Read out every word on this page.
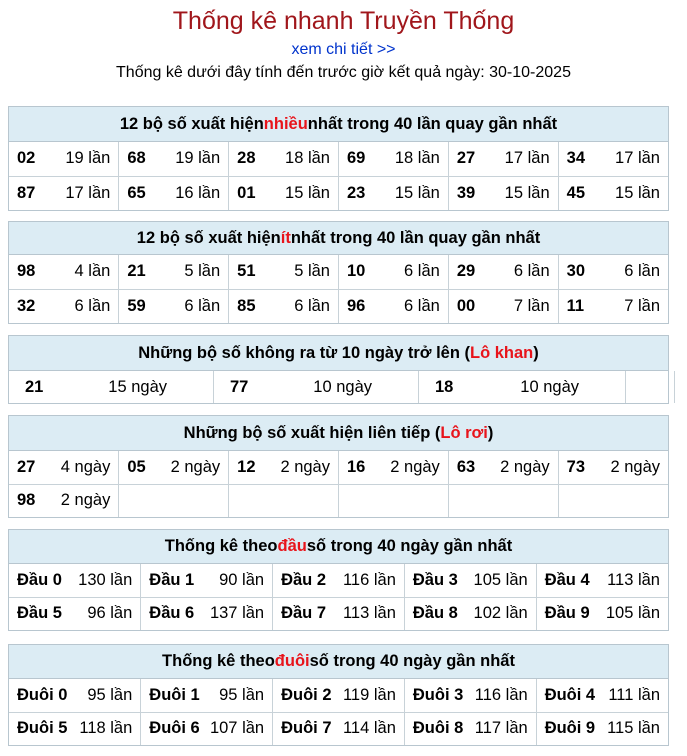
Thống kê nhanh Truyền Thống
xem chi tiết >>
Thống kê dưới đây tính đến trước giờ kết quả ngày: 30-10-2025
12 bộ số xuất hiện nhiều nhất trong 40 lần quay gần nhất
02 19 lần	68 19 lần	28 18 lần	69 18 lần	27 17 lần	34 17 lần

87 17 lần	65 16 lần	01 15 lần	23 15 lần	39 15 lần	45 15 lần
12 bộ số xuất hiện ít nhất trong 40 lần quay gần nhất
98 4 lần	21 5 lần	51 5 lần	10 6 lần	29 6 lần	30 6 lần

32 6 lần	59 6 lần	85 6 lần	96 6 lần	00 7 lần	11 7 lần
Những bộ số không ra từ 10 ngày trở lên ( Lô khan )
21	15 ngày	77	10 ngày	18	10 ngày

Những bộ số xuất hiện liên tiếp ( Lô rơi )
27 4 ngày	05 2 ngày	12 2 ngày	16 2 ngày	63 2 ngày	73 2 ngày

98 2 ngày					

Thống kê theo đầu số trong 40 ngày gần nhất
Đầu 0 130 lần	Đầu 1 90 lần	Đầu 2 116 lần	Đầu 3 105 lần	Đầu 4 113 lần

Đầu 5 96 lần	Đầu 6 137 lần	Đầu 7 113 lần	Đầu 8 102 lần	Đầu 9 105 lần
Thống kê theo đuôi số trong 40 ngày gần nhất
Đuôi 0 95 lần	Đuôi 1 95 lần	Đuôi 2 119 lần	Đuôi 3 116 lần	Đuôi 4 111 lần

Đuôi 5 118 lần	Đuôi 6 107 lần	Đuôi 7 114 lần	Đuôi 8 117 lần	Đuôi 9 115 lần
